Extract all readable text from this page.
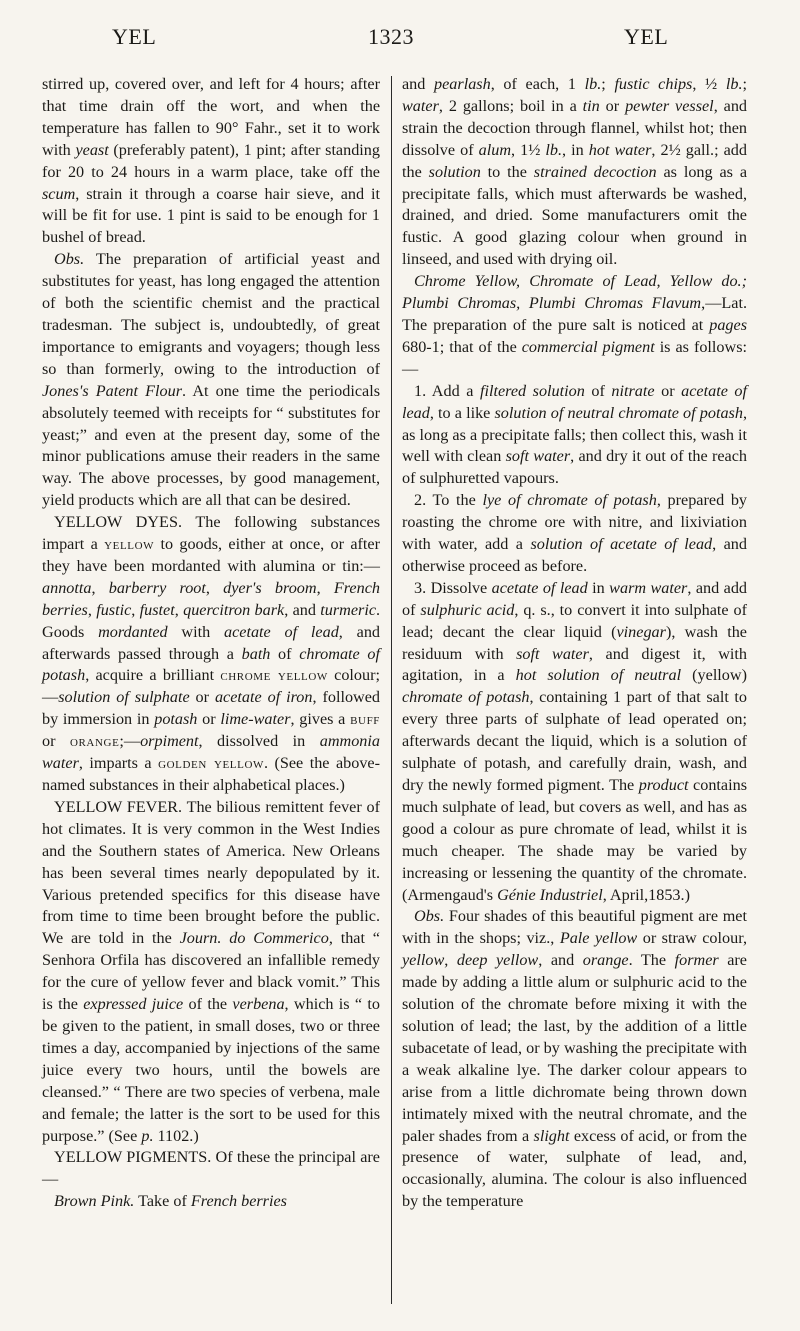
YEL	1323	YEL

stirred up, covered over, and left for 4 hours; after that time drain off the wort, and when the temperature has fallen to 90° Fahr., set it to work with yeast (preferably patent), 1 pint; after standing for 20 to 24 hours in a warm place, take off the scum, strain it through a coarse hair sieve, and it will be fit for use. 1 pint is said to be enough for 1 bushel of bread.

Obs. The preparation of artificial yeast and substitutes for yeast, has long engaged the attention of both the scientific chemist and the practical tradesman. The subject is, undoubtedly, of great importance to emigrants and voyagers; though less so than formerly, owing to the introduction of Jones's Patent Flour. At one time the periodicals absolutely teemed with receipts for “ substitutes for yeast;” and even at the present day, some of the minor publications amuse their readers in the same way. The above processes, by good management, yield products which are all that can be desired.

YELLOW DYES. The following substances impart a yellow to goods, either at once, or after they have been mordanted with alumina or tin:—annotta, barberry root, dyer's broom, French berries, fustic, fustet, quercitron bark, and turmeric. Goods mordanted with acetate of lead, and afterwards passed through a bath of chromate of potash, acquire a brilliant chrome yellow colour;—solution of sulphate or acetate of iron, followed by immersion in potash or lime-water, gives a buff or orange;—orpiment, dissolved in ammonia water, imparts a golden yellow. (See the above-named substances in their alphabetical places.)

YELLOW FEVER. The bilious remittent fever of hot climates. It is very common in the West Indies and the Southern states of America. New Orleans has been several times nearly depopulated by it. Various pretended specifics for this disease have from time to time been brought before the public. We are told in the Journ. do Commerico, that “ Senhora Orfila has discovered an infallible remedy for the cure of yellow fever and black vomit.” This is the expressed juice of the verbena, which is “ to be given to the patient, in small doses, two or three times a day, accompanied by injections of the same juice every two hours, until the bowels are cleansed.” “ There are two species of verbena, male and female; the latter is the sort to be used for this purpose.” (See p. 1102.)

YELLOW PIGMENTS. Of these the principal are—

Brown Pink. Take of French berries

and pearlash, of each, 1 lb.; fustic chips, ½ lb.; water, 2 gallons; boil in a tin or pewter vessel, and strain the decoction through flannel, whilst hot; then dissolve of alum, 1½ lb., in hot water, 2½ gall.; add the solution to the strained decoction as long as a precipitate falls, which must afterwards be washed, drained, and dried. Some manufacturers omit the fustic. A good glazing colour when ground in linseed, and used with drying oil.

Chrome Yellow, Chromate of Lead, Yellow do.; Plumbi Chromas, Plumbi Chromas Flavum,—Lat. The preparation of the pure salt is noticed at pages 680-1; that of the commercial pigment is as follows:—

1. Add a filtered solution of nitrate or acetate of lead, to a like solution of neutral chromate of potash, as long as a precipitate falls; then collect this, wash it well with clean soft water, and dry it out of the reach of sulphuretted vapours.

2. To the lye of chromate of potash, prepared by roasting the chrome ore with nitre, and lixiviation with water, add a solution of acetate of lead, and otherwise proceed as before.

3. Dissolve acetate of lead in warm water, and add of sulphuric acid, q. s., to convert it into sulphate of lead; decant the clear liquid (vinegar), wash the residuum with soft water, and digest it, with agitation, in a hot solution of neutral (yellow) chromate of potash, containing 1 part of that salt to every three parts of sulphate of lead operated on; afterwards decant the liquid, which is a solution of sulphate of potash, and carefully drain, wash, and dry the newly formed pigment. The product contains much sulphate of lead, but covers as well, and has as good a colour as pure chromate of lead, whilst it is much cheaper. The shade may be varied by increasing or lessening the quantity of the chromate. (Armengaud's Génie Industriel, April,1853.)

Obs. Four shades of this beautiful pigment are met with in the shops; viz., Pale yellow or straw colour, yellow, deep yellow, and orange. The former are made by adding a little alum or sulphuric acid to the solution of the chromate before mixing it with the solution of lead; the last, by the addition of a little subacetate of lead, or by washing the precipitate with a weak alkaline lye. The darker colour appears to arise from a little dichromate being thrown down intimately mixed with the neutral chromate, and the paler shades from a slight excess of acid, or from the presence of water, sulphate of lead, and, occasionally, alumina. The colour is also influenced by the temperature
